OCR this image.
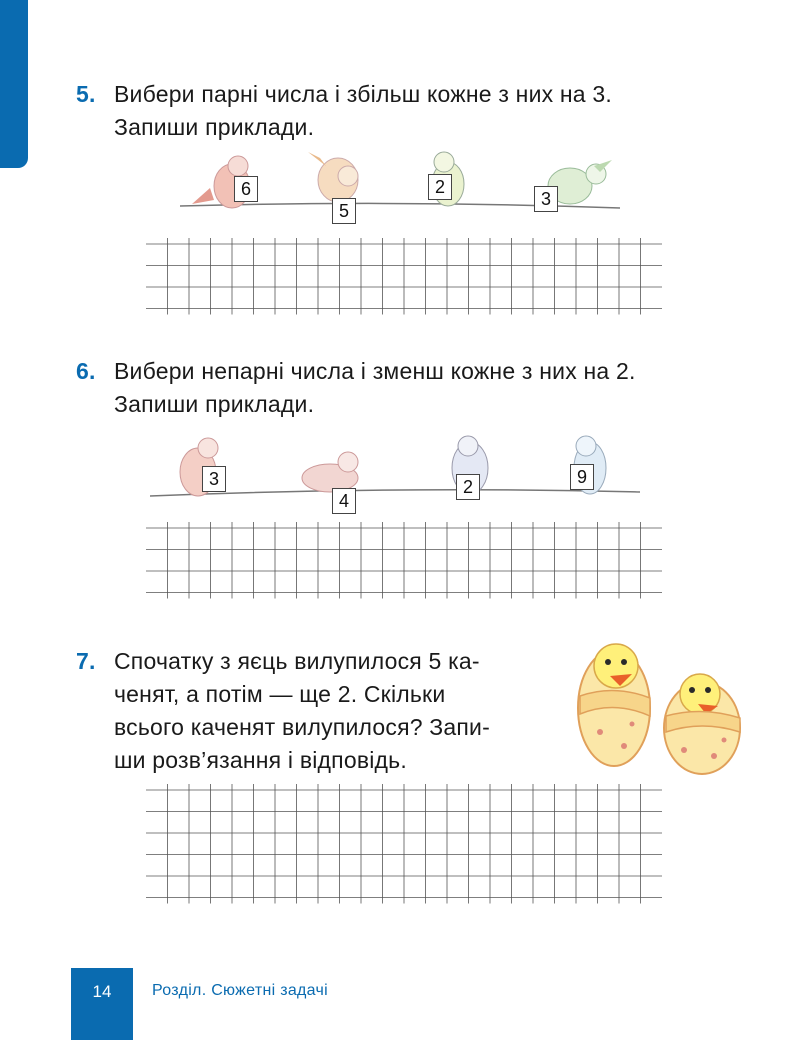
5. Вибери парні числа і збільш кожне з них на 3.
Запиши приклади.
6
5
2
3
6. Вибери непарні числа і зменш кожне з них на 2.
Запиши приклади.
3
4
2	9
7. Спочатку з яєць вилупилося 5 ка-
ченят, а потім — ще 2. Скільки
всього каченят вилупилося? Запи-
ши розв’язання і відповідь.
14	Розділ. Сюжетні задачі
